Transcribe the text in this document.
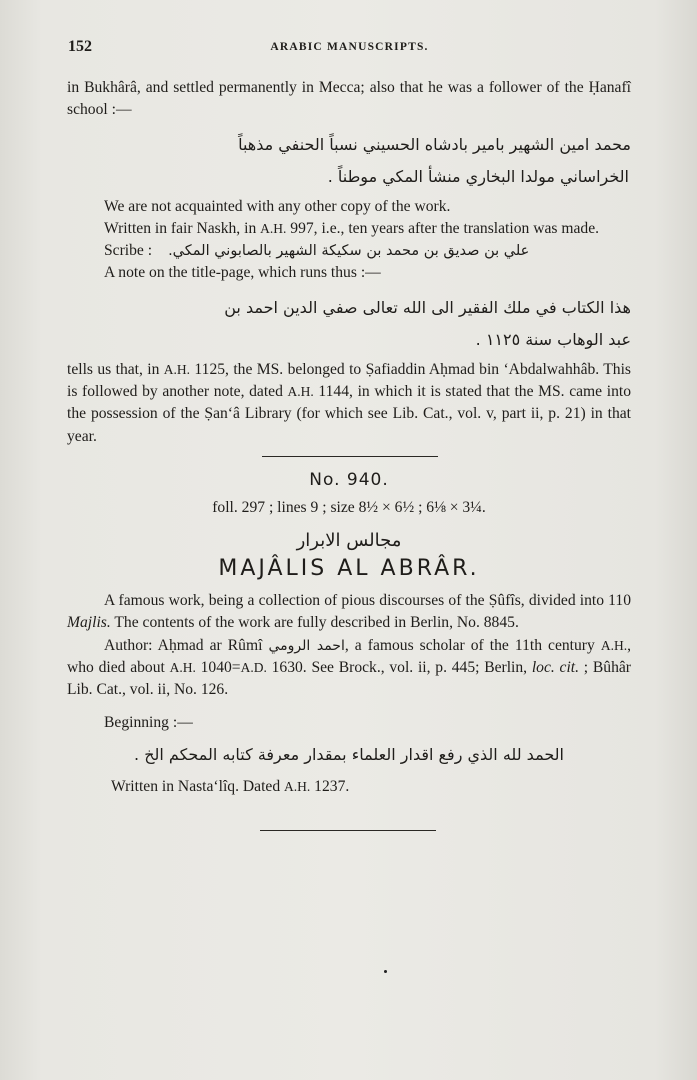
152	ARABIC MANUSCRIPTS.

in Bukhârâ, and settled permanently in Mecca; also that he was a follower of the Ḥanafî school :—

محمد امين الشهير بامير بادشاه الحسيني نسباً الحنفي مذهباً
الخراساني مولدا البخاري منشأ المكي موطناً .

We are not acquainted with any other copy of the work.

Written in fair Naskh, in A.H. 997, i.e., ten years after the translation was made.

Scribe : علي بن صديق بن محمد بن سكيكة الشهير بالصابوني المكي.

A note on the title-page, which runs thus :—

هذا الكتاب في ملك الفقير الى الله تعالى صفي الدين احمد بن
عبد الوهاب سنة ١١٢٥ .

tells us that, in A.H. 1125, the MS. belonged to Ṣafiaddin Aḥmad bin ‘Abdalwahhâb. This is followed by another note, dated A.H. 1144, in which it is stated that the MS. came into the possession of the Ṣan‘â Library (for which see Lib. Cat., vol. v, part ii, p. 21) in that year.

No. 940.
foll. 297 ; lines 9 ; size 8½ × 6½ ; 6⅛ × 3¼.
مجالس الابرار
MAJÂLIS AL ABRÂR.

A famous work, being a collection of pious discourses of the Ṣûfîs, divided into 110 Majlis. The contents of the work are fully described in Berlin, No. 8845.

Author: Aḥmad ar Rûmî احمد الرومي, a famous scholar of the 11th century A.H., who died about A.H. 1040=A.D. 1630. See Brock., vol. ii, p. 445; Berlin, loc. cit. ; Bûhâr Lib. Cat., vol. ii, No. 126.

Beginning :—

الحمد لله الذي رفع اقدار العلماء بمقدار معرفة كتابه المحكم الخ .

Written in Nasta‘lîq. Dated A.H. 1237.
